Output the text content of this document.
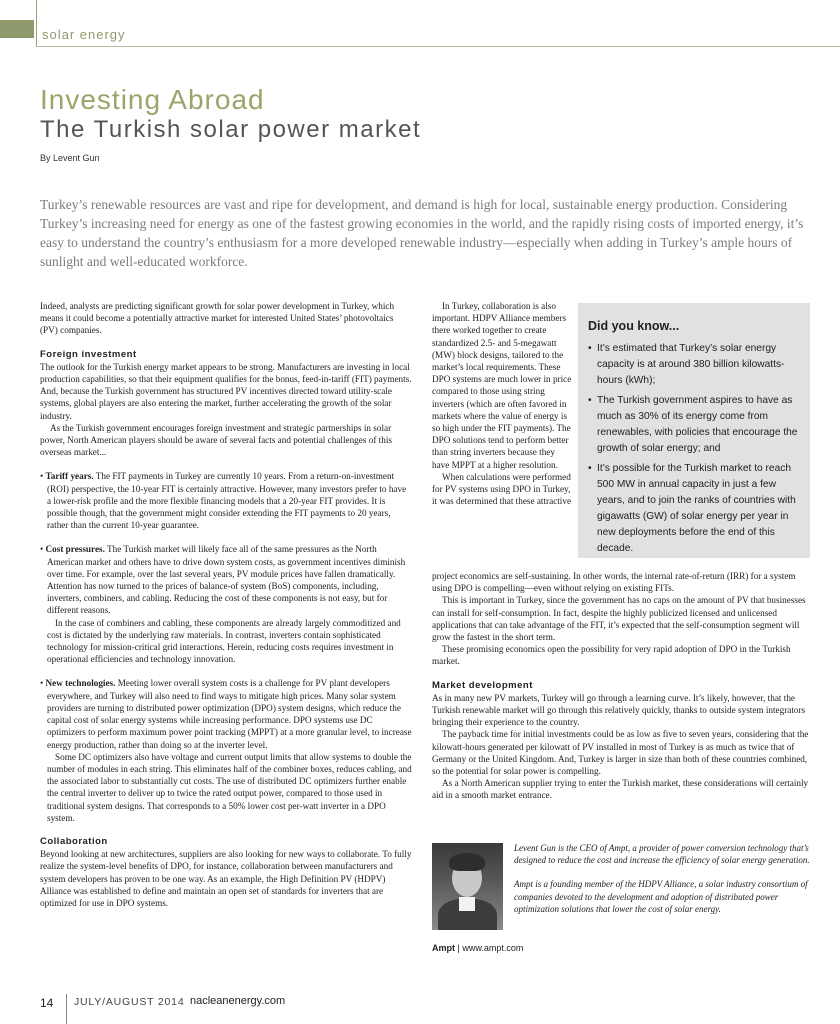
solar energy
Investing Abroad
The Turkish solar power market
By Levent Gun
Turkey’s renewable resources are vast and ripe for development, and demand is high for local, sustainable energy production. Considering Turkey’s increasing need for energy as one of the fastest growing economies in the world, and the rapidly rising costs of imported energy, it’s easy to understand the country’s enthusiasm for a more developed renewable industry—especially when adding in Turkey’s ample hours of sunlight and well-educated workforce.

Indeed, analysts are predicting significant growth for solar power development in Turkey, which means it could become a potentially attractive market for interested United States’ photovoltaics (PV) companies.

Foreign investment

The outlook for the Turkish energy market appears to be strong. Manufacturers are investing in local production capabilities, so that their equipment qualifies for the bonus, feed-in-tariff (FIT) payments. And, because the Turkish government has structured PV incentives directed toward utility-scale systems, global players are also entering the market, further accelerating the growth of the solar industry.

As the Turkish government encourages foreign investment and strategic partnerships in solar power, North American players should be aware of several facts and potential challenges of this overseas market...

• Tariff years. The FIT payments in Turkey are currently 10 years. From a return-on-investment (ROI) perspective, the 10-year FIT is certainly attractive. However, many investors prefer to have a lower-risk profile and the more flexible financing models that a 20-year FIT provides. It is possible though, that the government might consider extending the FIT payments to 20 years, rather than the current 10-year guarantee.

• Cost pressures. The Turkish market will likely face all of the same pressures as the North American market and others have to drive down system costs, as government incentives diminish over time. For example, over the last several years, PV module prices have fallen dramatically. Attention has now turned to the prices of balance-of system (BoS) components, including, inverters, combiners, and cabling. Reducing the cost of these components is not easy, but for different reasons.

In the case of combiners and cabling, these components are already largely commoditized and cost is dictated by the underlying raw materials. In contrast, inverters contain sophisticated technology for mission-critical grid interactions. Herein, reducing costs requires investment in operational efficiencies and technology innovation.

• New technologies. Meeting lower overall system costs is a challenge for PV plant developers everywhere, and Turkey will also need to find ways to mitigate high prices. Many solar system providers are turning to distributed power optimization (DPO) system designs, which reduce the capital cost of solar energy systems while increasing performance. DPO systems use DC optimizers to perform maximum power point tracking (MPPT) at a more granular level, to increase energy production, rather than doing so at the inverter level.

Some DC optimizers also have voltage and current output limits that allow systems to double the number of modules in each string. This eliminates half of the combiner boxes, reduces cabling, and the associated labor to substantially cut costs. The use of distributed DC optimizers further enable the central inverter to deliver up to twice the rated output power, compared to those used in traditional system designs. That corresponds to a 50% lower cost per-watt inverter in a DPO system.

Collaboration

Beyond looking at new architectures, suppliers are also looking for new ways to collaborate. To fully realize the system-level benefits of DPO, for instance, collaboration between manufacturers and system developers has proven to be one way. As an example, the High Definition PV (HDPV) Alliance was established to define and maintain an open set of standards for inverters that are optimized for use in DPO systems.

In Turkey, collaboration is also important. HDPV Alliance members there worked together to create standardized 2.5- and 5-megawatt (MW) block designs, tailored to the market’s local requirements. These DPO systems are much lower in price compared to those using string inverters (which are often favored in markets where the value of energy is so high under the FIT payments). The DPO solutions tend to perform better than string inverters because they have MPPT at a higher resolution.

When calculations were performed for PV systems using DPO in Turkey, it was determined that these attractive

project economics are self-sustaining. In other words, the internal rate-of-return (IRR) for a system using DPO is compelling—even without relying on existing FITs.

This is important in Turkey, since the government has no caps on the amount of PV that businesses can install for self-consumption. In fact, despite the highly publicized licensed and unlicensed applications that can take advantage of the FIT, it’s expected that the self-consumption segment will grow the fastest in the short term.

These promising economics open the possibility for very rapid adoption of DPO in the Turkish market.

Market development

As in many new PV markets, Turkey will go through a learning curve. It’s likely, however, that the Turkish renewable market will go through this relatively quickly, thanks to outside system integrators bringing their experience to the country.

The payback time for initial investments could be as low as five to seven years, considering that the kilowatt-hours generated per kilowatt of PV installed in most of Turkey is as much as twice that of Germany or the United Kingdom. And, Turkey is larger in size than both of these countries combined, so the potential for solar power is compelling.

As a North American supplier trying to enter the Turkish market, these considerations will certainly aid in a smooth market entrance.

Did you know...
• It’s estimated that Turkey’s solar energy capacity is at around 380 billion kilowatts-hours (kWh);
• The Turkish government aspires to have as much as 30% of its energy come from renewables, with policies that encourage the growth of solar energy; and
• It’s possible for the Turkish market to reach 500 MW in annual capacity in just a few years, and to join the ranks of countries with gigawatts (GW) of solar energy per year in new deployments before the end of this decade.

Levent Gun is the CEO of Ampt, a provider of power conversion technology that’s designed to reduce the cost and increase the efficiency of solar energy generation.

Ampt is a founding member of the HDPV Alliance, a solar industry consortium of companies devoted to the development and adoption of distributed power optimization solutions that lower the cost of solar energy.

Ampt | www.ampt.com
14 JULY/AUGUST 2014 nacleanenergy.com
